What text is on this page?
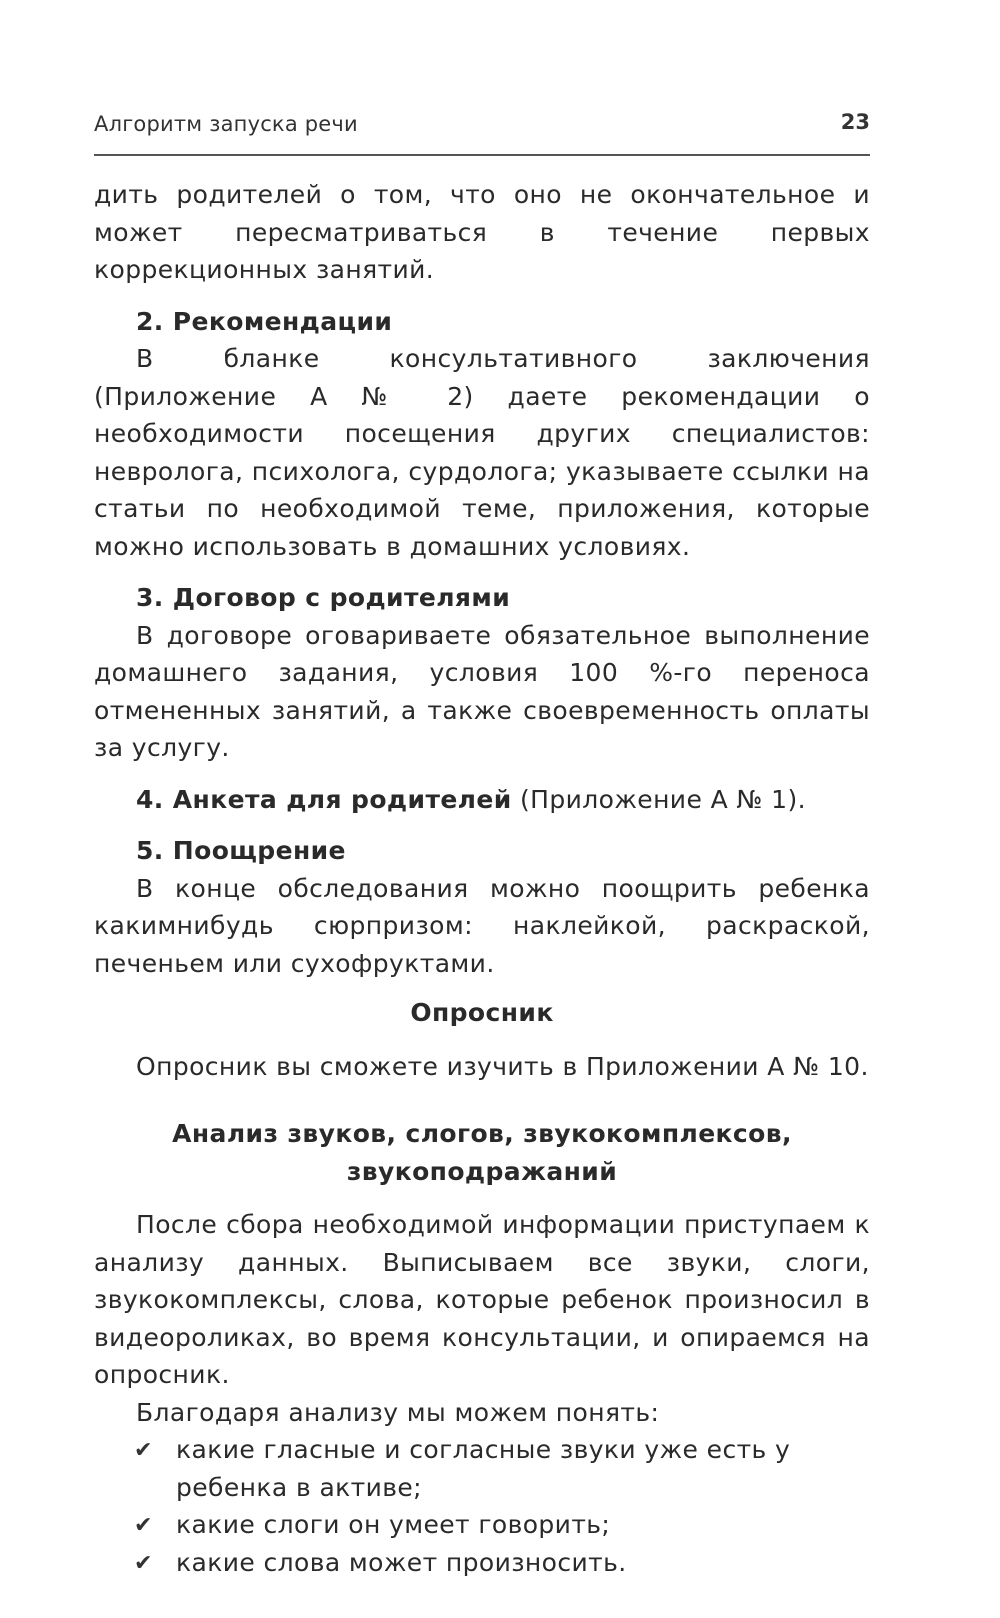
Алгоритм запуска речи	23

дить родителей о том, что оно не окончательное и может пересматриваться в течение первых коррекционных занятий.

2. Рекомендации

В бланке консультативного заключения (Приложение А № 2) даете рекомендации о необходимости посещения других специалистов: невролога, психолога, сурдолога; указываете ссылки на статьи по необходимой теме, приложения, которые можно использовать в домашних условиях.

3. Договор с родителями

В договоре оговариваете обязательное выполнение домашнего задания, условия 100 %-го переноса отмененных занятий, а также своевременность оплаты за услугу.

4. Анкета для родителей (Приложение А № 1).

5. Поощрение

В конце обследования можно поощрить ребенка какимнибудь сюрпризом: наклейкой, раскраской, печеньем или сухофруктами.

Опросник

Опросник вы сможете изучить в Приложении А № 10.

Анализ звуков, слогов, звукокомплексов,
звукоподражаний

После сбора необходимой информации приступаем к анализу данных. Выписываем все звуки, слоги, звукокомплексы, слова, которые ребенок произносил в видеороликах, во время консультации, и опираемся на опросник.

Благодаря анализу мы можем понять:

✔ какие гласные и согласные звуки уже есть у ребенка в активе;
✔ какие слоги он умеет говорить;
✔ какие слова может произносить.
